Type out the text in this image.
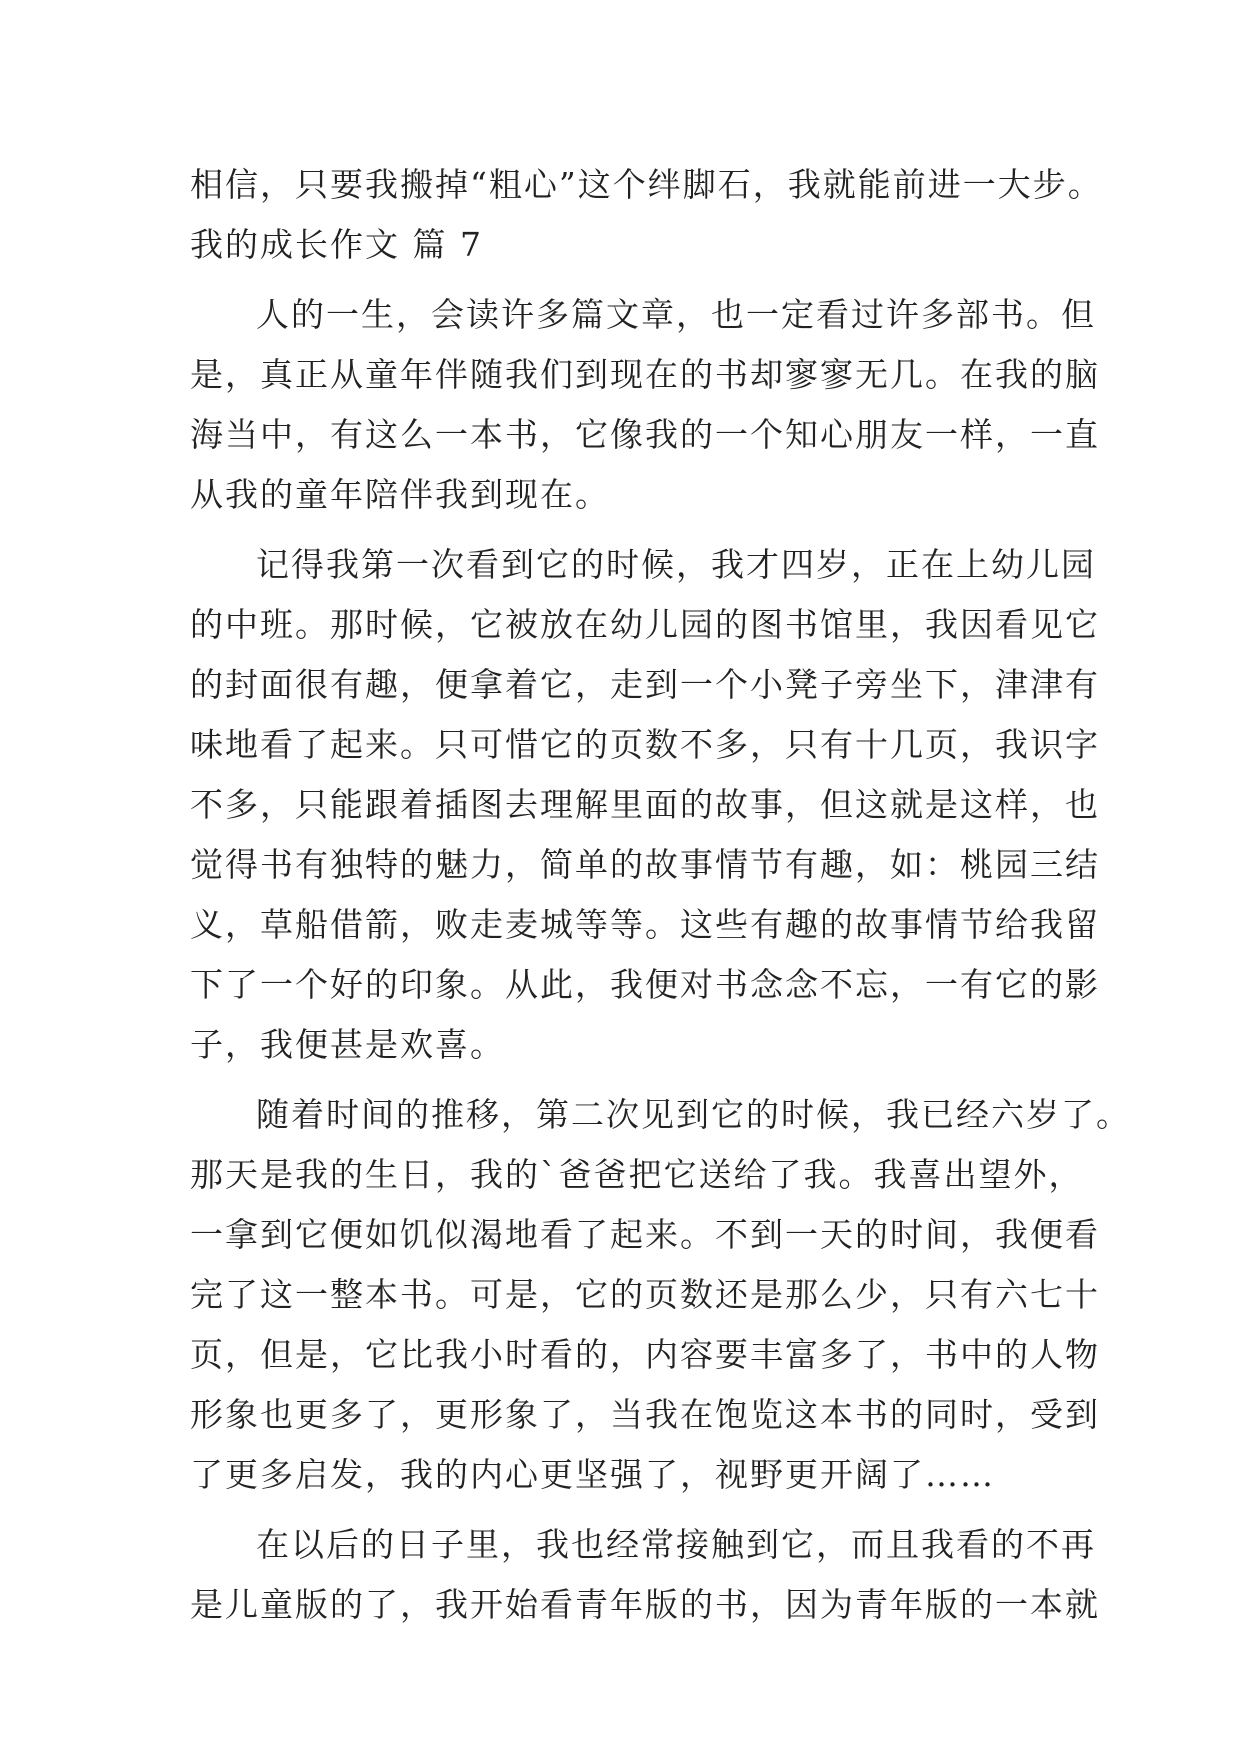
相信，只要我搬掉“粗心”这个绊脚石，我就能前进一大步。
我的成长作文 篇 7
人的一生，会读许多篇文章，也一定看过许多部书。但
是，真正从童年伴随我们到现在的书却寥寥无几。在我的脑
海当中，有这么一本书，它像我的一个知心朋友一样，一直
从我的童年陪伴我到现在。
记得我第一次看到它的时候，我才四岁，正在上幼儿园
的中班。那时候，它被放在幼儿园的图书馆里，我因看见它
的封面很有趣，便拿着它，走到一个小凳子旁坐下，津津有
味地看了起来。只可惜它的页数不多，只有十几页，我识字
不多，只能跟着插图去理解里面的故事，但这就是这样，也
觉得书有独特的魅力，简单的故事情节有趣，如：桃园三结
义，草船借箭，败走麦城等等。这些有趣的故事情节给我留
下了一个好的印象。从此，我便对书念念不忘，一有它的影
子，我便甚是欢喜。
随着时间的推移，第二次见到它的时候，我已经六岁了。
那天是我的生日，我的`爸爸把它送给了我。我喜出望外，
一拿到它便如饥似渴地看了起来。不到一天的时间，我便看
完了这一整本书。可是，它的页数还是那么少，只有六七十
页，但是，它比我小时看的，内容要丰富多了，书中的人物
形象也更多了，更形象了，当我在饱览这本书的同时，受到
了更多启发，我的内心更坚强了，视野更开阔了……
在以后的日子里，我也经常接触到它，而且我看的不再
是儿童版的了，我开始看青年版的书，因为青年版的一本就
